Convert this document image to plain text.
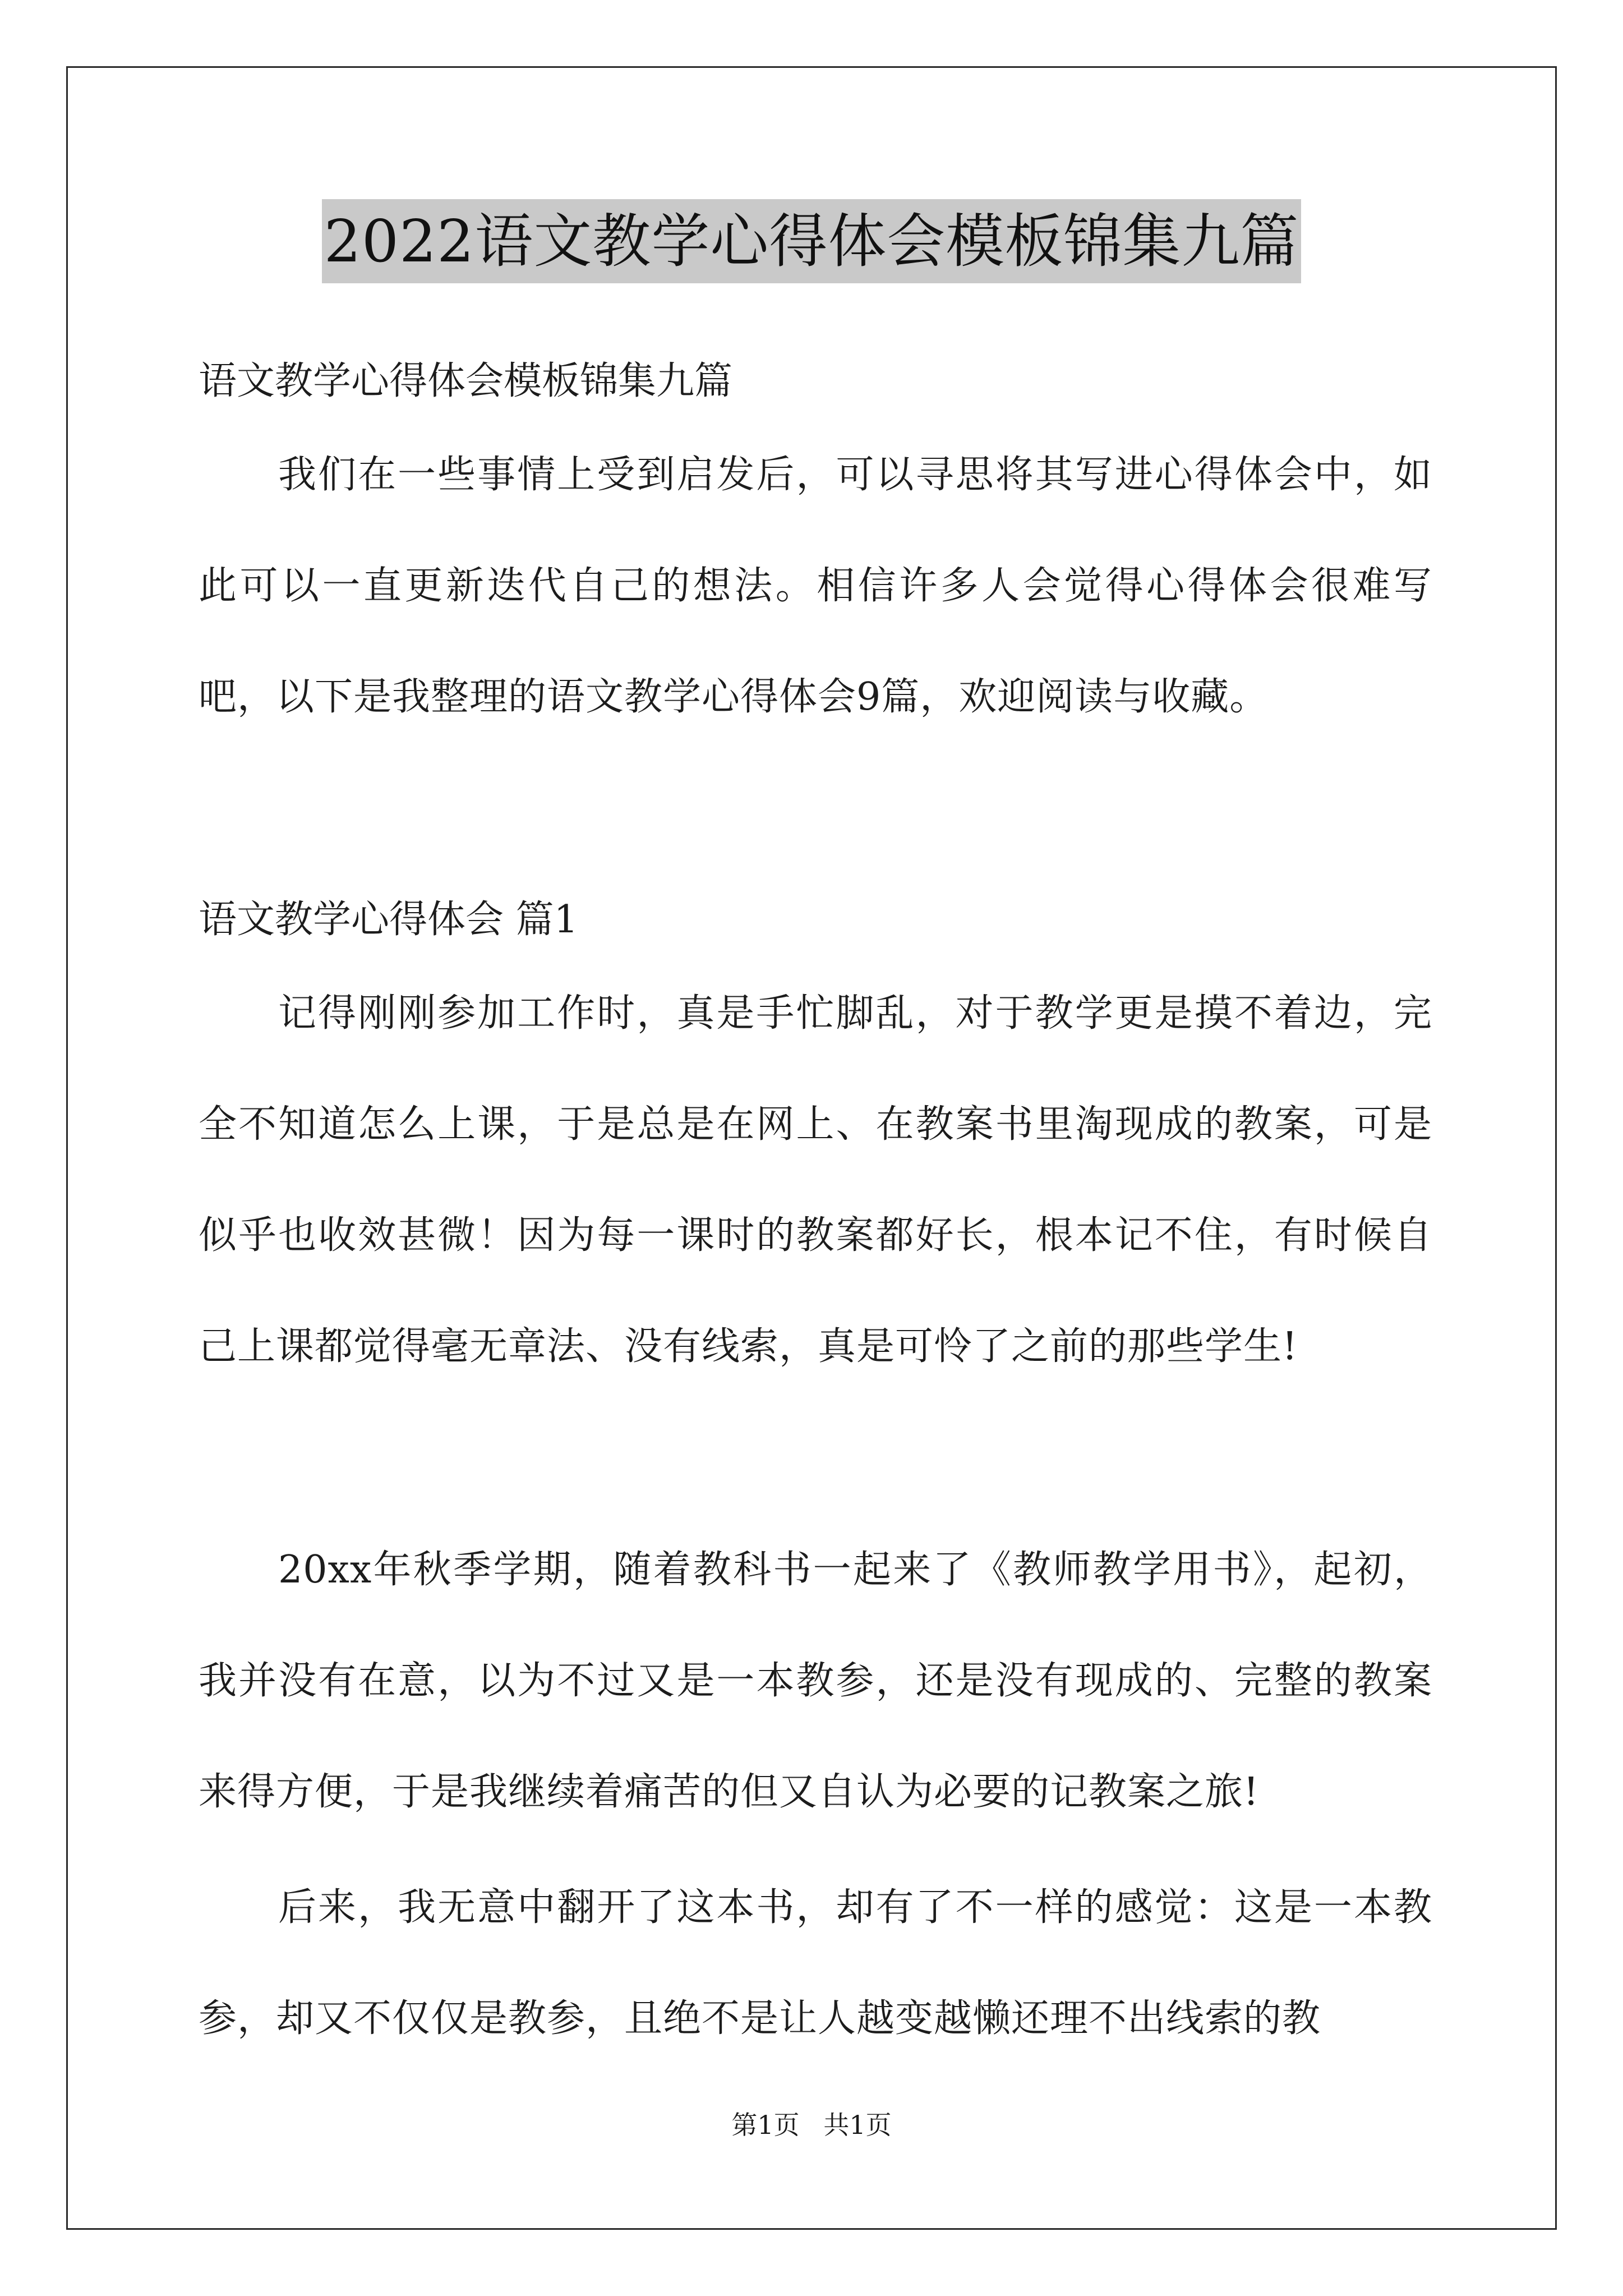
2022语文教学心得体会模板锦集九篇
语文教学心得体会模板锦集九篇
我们在一些事情上受到启发后，可以寻思将其写进心得体会中，如此可以一直更新迭代自己的想法。相信许多人会觉得心得体会很难写吧，以下是我整理的语文教学心得体会9篇，欢迎阅读与收藏。
语文教学心得体会 篇1
记得刚刚参加工作时，真是手忙脚乱，对于教学更是摸不着边，完全不知道怎么上课，于是总是在网上、在教案书里淘现成的教案，可是似乎也收效甚微！因为每一课时的教案都好长，根本记不住，有时候自己上课都觉得毫无章法、没有线索，真是可怜了之前的那些学生!
20xx年秋季学期，随着教科书一起来了《教师教学用书》，起初，我并没有在意，以为不过又是一本教参，还是没有现成的、完整的教案来得方便，于是我继续着痛苦的但又自认为必要的记教案之旅!
后来，我无意中翻开了这本书，却有了不一样的感觉：这是一本教参，却又不仅仅是教参，且绝不是让人越变越懒还理不出线索的教
第1页 共1页
